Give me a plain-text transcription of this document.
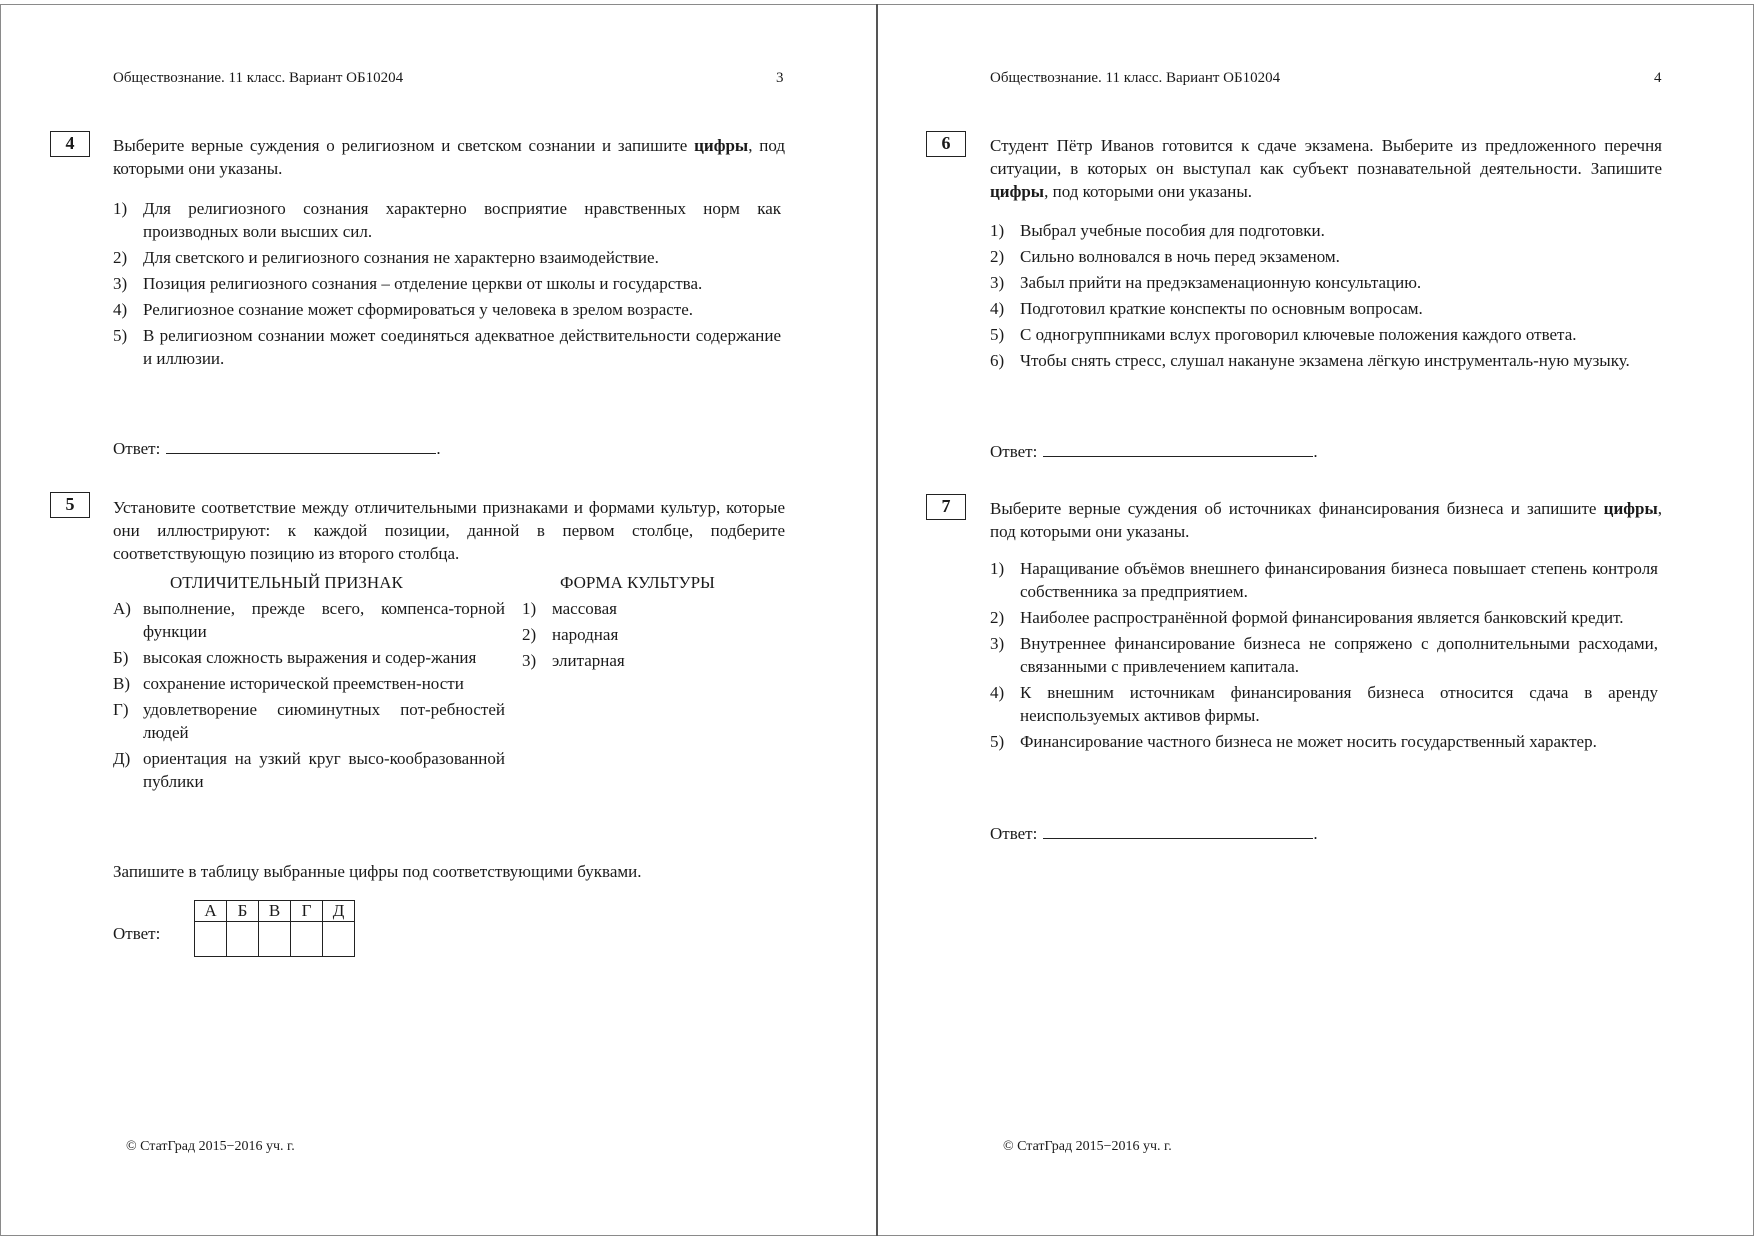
Обществознание. 11 класс. Вариант ОБ10204	3
4	Выберите верные суждения о религиозном и светском сознании и запишите цифры, под которыми они указаны.
1) Для религиозного сознания характерно восприятие нравственных норм как производных воли высших сил.
2) Для светского и религиозного сознания не характерно взаимодействие.
3) Позиция религиозного сознания – отделение церкви от школы и государства.
4) Религиозное сознание может сформироваться у человека в зрелом возрасте.
5) В религиозном сознании может соединяться адекватное действительности содержание и иллюзии.
Ответ:	.
5	Установите соответствие между отличительными признаками и формами культур, которые они иллюстрируют: к каждой позиции, данной в первом столбце, подберите соответствующую позицию из второго столбца.
ОТЛИЧИТЕЛЬНЫЙ ПРИЗНАК	ФОРМА КУЛЬТУРЫ
А) выполнение, прежде всего, компенса-торной функции
Б) высокая сложность выражения и содер-жания
В) сохранение исторической преемствен-ности
Г) удовлетворение сиюминутных пот-ребностей людей
Д) ориентация на узкий круг высо-кообразованной публики
1) массовая
2) народная
3) элитарная
Запишите в таблицу выбранные цифры под соответствующими буквами.
Ответ:
А	Б	В	Г	Д

© СтатГрад 2015−2016 уч. г.
Обществознание. 11 класс. Вариант ОБ10204	4
6	Студент Пётр Иванов готовится к сдаче экзамена. Выберите из предложенного перечня ситуации, в которых он выступал как субъект познавательной деятельности. Запишите цифры, под которыми они указаны.
1) Выбрал учебные пособия для подготовки.
2) Сильно волновался в ночь перед экзаменом.
3) Забыл прийти на предэкзаменационную консультацию.
4) Подготовил краткие конспекты по основным вопросам.
5) С одногруппниками вслух проговорил ключевые положения каждого ответа.
6) Чтобы снять стресс, слушал накануне экзамена лёгкую инструменталь-ную музыку.
Ответ:	.
7	Выберите верные суждения об источниках финансирования бизнеса и запишите цифры, под которыми они указаны.
1) Наращивание объёмов внешнего финансирования бизнеса повышает степень контроля собственника за предприятием.
2) Наиболее распространённой формой финансирования является банковский кредит.
3) Внутреннее финансирование бизнеса не сопряжено с дополнительными расходами, связанными с привлечением капитала.
4) К внешним источникам финансирования бизнеса относится сдача в аренду неиспользуемых активов фирмы.
5) Финансирование частного бизнеса не может носить государственный характер.
Ответ:	.
© СтатГрад 2015−2016 уч. г.
